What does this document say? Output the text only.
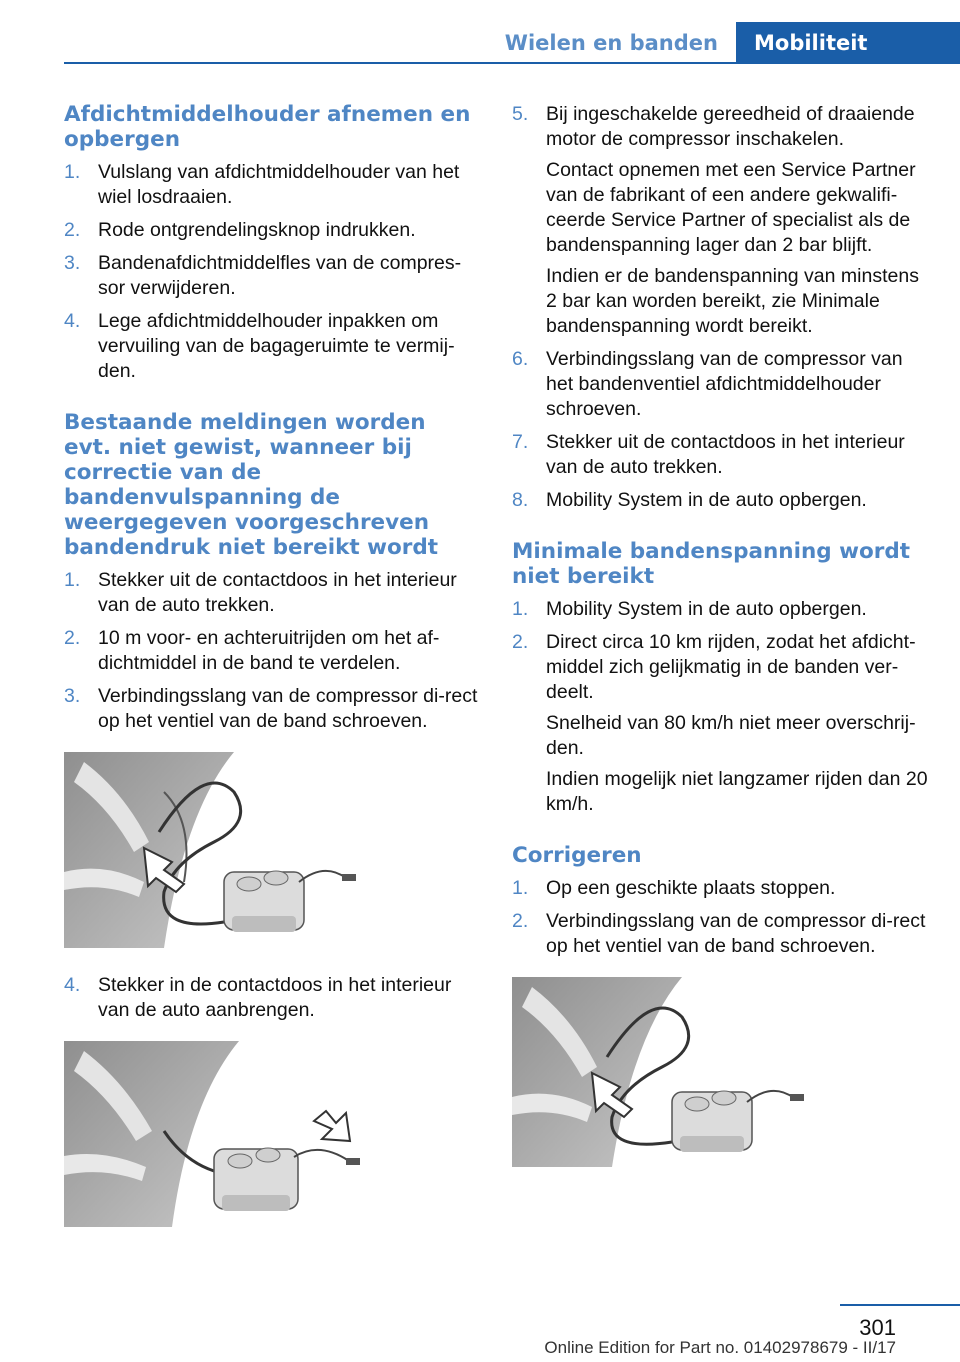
Wielen en banden	Mobiliteit
Afdichtmiddelhouder afnemen en opbergen
1. Vulslang van afdichtmiddelhouder van het wiel losdraaien.
2. Rode ontgrendelingsknop indrukken.
3. Bandenafdichtmiddelfles van de compres-sor verwijderen.
4. Lege afdichtmiddelhouder inpakken om vervuiling van de bagageruimte te vermij-den.
Bestaande meldingen worden evt. niet gewist, wanneer bij correctie van de bandenvulspanning de weergegeven voorgeschreven bandendruk niet bereikt wordt
1. Stekker uit de contactdoos in het interieur van de auto trekken.
2. 10 m voor- en achteruitrijden om het af-dichtmiddel in de band te verdelen.
3. Verbindingsslang van de compressor di-rect op het ventiel van de band schroeven.
4. Stekker in de contactdoos in het interieur van de auto aanbrengen.
5. Bij ingeschakelde gereedheid of draaiende motor de compressor inschakelen.

Contact opnemen met een Service Partner van de fabrikant of een andere gekwalifi-ceerde Service Partner of specialist als de bandenspanning lager dan 2 bar blijft.

Indien er de bandenspanning van minstens 2 bar kan worden bereikt, zie Minimale bandenspanning wordt bereikt.

6. Verbindingsslang van de compressor van het bandenventiel afdichtmiddelhouder schroeven.
7. Stekker uit de contactdoos in het interieur van de auto trekken.
8. Mobility System in de auto opbergen.
Minimale bandenspanning wordt niet bereikt
1. Mobility System in de auto opbergen.
2. Direct circa 10 km rijden, zodat het afdicht-middel zich gelijkmatig in de banden ver-deelt.

Snelheid van 80 km/h niet meer overschrij-den.

Indien mogelijk niet langzamer rijden dan 20 km/h.

Corrigeren
1. Op een geschikte plaats stoppen.
2. Verbindingsslang van de compressor di-rect op het ventiel van de band schroeven.
301
Online Edition for Part no. 01402978679 - II/17
